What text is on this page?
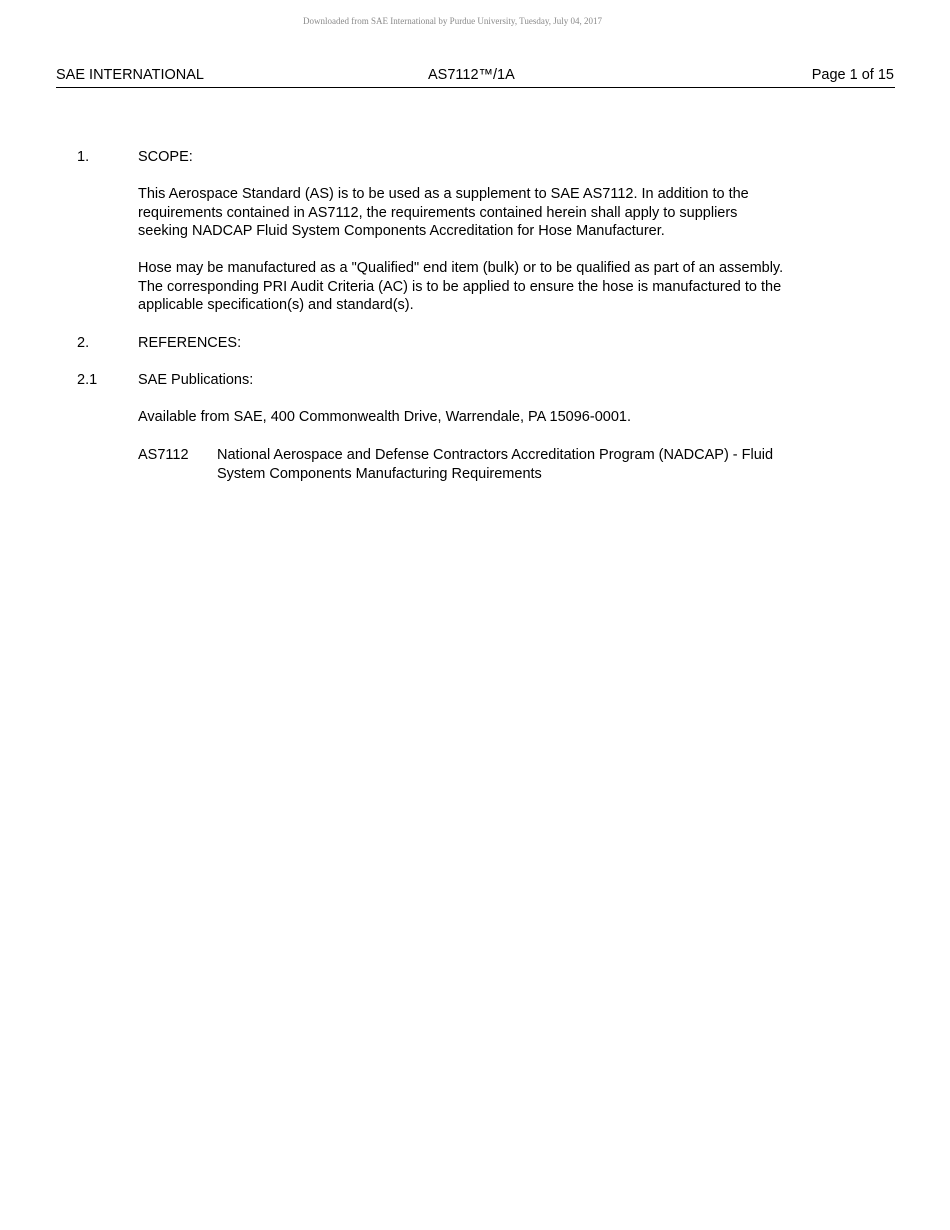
Downloaded from SAE International by Purdue University, Tuesday, July 04, 2017
SAE INTERNATIONAL	AS7112™/1A	Page 1 of 15
1.	SCOPE:
This Aerospace Standard (AS) is to be used as a supplement to SAE AS7112. In addition to the
requirements contained in AS7112, the requirements contained herein shall apply to suppliers
seeking NADCAP Fluid System Components Accreditation for Hose Manufacturer.
Hose may be manufactured as a "Qualified" end item (bulk) or to be qualified as part of an assembly.
The corresponding PRI Audit Criteria (AC) is to be applied to ensure the hose is manufactured to the
applicable specification(s) and standard(s).
2.	REFERENCES:
2.1	SAE Publications:
Available from SAE, 400 Commonwealth Drive, Warrendale, PA 15096-0001.
AS7112 National Aerospace and Defense Contractors Accreditation Program (NADCAP) - Fluid
System Components Manufacturing Requirements
